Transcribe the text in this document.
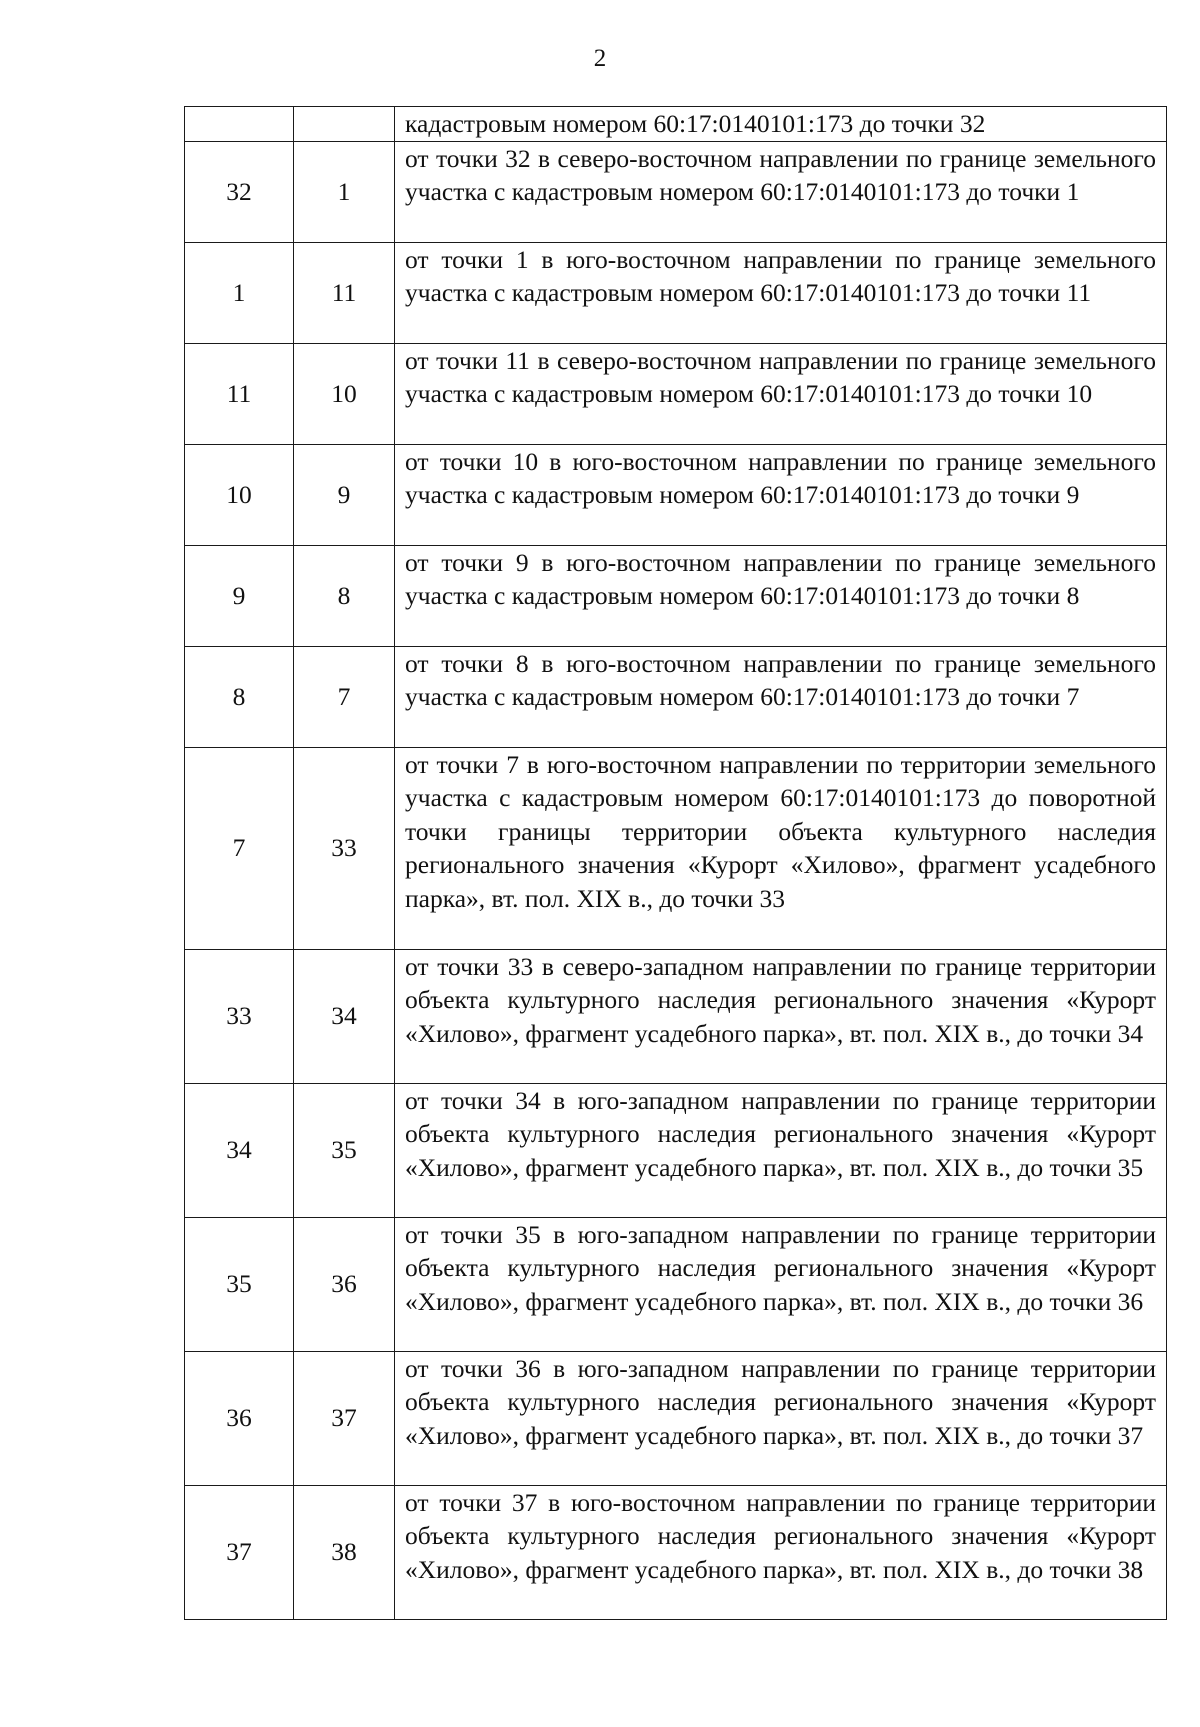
2

		кадастровым номером 60:17:0140101:173 до точки 32

32	1	от точки 32 в северо-восточном направлении по границе земельного участка с кадастровым номером 60:17:0140101:173 до точки 1

1	11	от точки 1 в юго-восточном направлении по границе земельного участка с кадастровым номером 60:17:0140101:173 до точки 11

11	10	от точки 11 в северо-восточном направлении по границе земельного участка с кадастровым номером 60:17:0140101:173 до точки 10

10	9	от точки 10 в юго-восточном направлении по границе земельного участка с кадастровым номером 60:17:0140101:173 до точки 9

9	8	от точки 9 в юго-восточном направлении по границе земельного участка с кадастровым номером 60:17:0140101:173 до точки 8

8	7	от точки 8 в юго-восточном направлении по границе земельного участка с кадастровым номером 60:17:0140101:173 до точки 7

7	33	от точки 7 в юго-восточном направлении по территории земельного участка с кадастровым номером 60:17:0140101:173 до поворотной точки границы территории объекта культурного наследия регионального значения «Курорт «Хилово», фрагмент усадебного парка», вт. пол. XIX в., до точки 33

33	34	от точки 33 в северо-западном направлении по границе территории объекта культурного наследия регионального значения «Курорт «Хилово», фрагмент усадебного парка», вт. пол. XIX в., до точки 34

34	35	от точки 34 в юго-западном направлении по границе территории объекта культурного наследия регионального значения «Курорт «Хилово», фрагмент усадебного парка», вт. пол. XIX в., до точки 35

35	36	от точки 35 в юго-западном направлении по границе территории объекта культурного наследия регионального значения «Курорт «Хилово», фрагмент усадебного парка», вт. пол. XIX в., до точки 36

36	37	от точки 36 в юго-западном направлении по границе территории объекта культурного наследия регионального значения «Курорт «Хилово», фрагмент усадебного парка», вт. пол. XIX в., до точки 37

37	38	от точки 37 в юго-восточном направлении по границе территории объекта культурного наследия регионального значения «Курорт «Хилово», фрагмент усадебного парка», вт. пол. XIX в., до точки 38
